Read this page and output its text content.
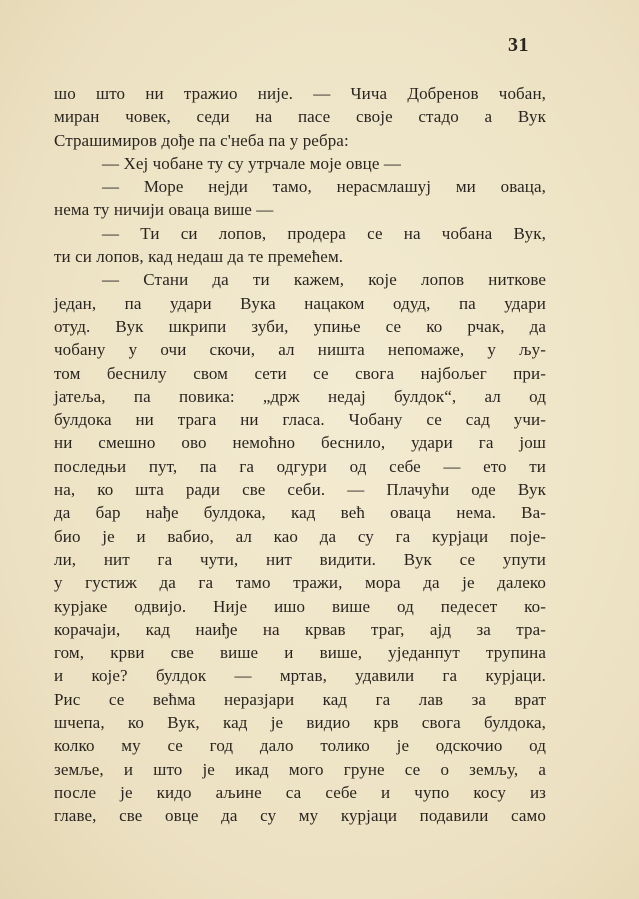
31
шо што ни тражио није. — Чича Добренов чобан,
миран човек, седи на пасе своје стадо а Вук
Страшимиров дође па с'неба па у ребра:
— Хеј чобане ту су утрчале моје овце —
— Море нејди тамо, нерасмлашуј ми оваца,
нема ту ничији оваца више —
— Ти си лопов, продера се на чобана Вук,
ти си лопов, кад недаш да те премећем.
— Стани да ти кажем, које лопов ниткове
један, па удари Вука нацаком одуд, па удари
отуд. Вук шкрипи зуби, упиње се ко рчак, да
чобану у очи скочи, ал ништа непомаже, у љу-
том беснилу свом сети се свога најбољег при-
јатеља, па повика: „држ недај булдок“, ал од
булдока ни трага ни гласа. Чобану се сад учи-
ни смешно ово немоћно беснило, удари га још
последњи пут, па га одгури од себе — ето ти
на, ко шта ради све себи. — Плачући оде Вук
да бар нађе булдока, кад већ оваца нема. Ва-
био је и вабио, ал као да су га курјаци поје-
ли, нит га чути, нит видити. Вук се упути
у густиж да га тамо тражи, мора да је далеко
курјаке одвијо. Није ишо више од педесет ко-
корачаји, кад наиђе на крвав траг, ајд за тра-
гом, крви све више и више, уједанпут трупина
и које? булдок — мртав, удавили га курјаци.
Рис се већма неразјари кад га лав за врат
шчепа, ко Вук, кад је видио крв свога булдока,
колко му се год дало толико је одскочио од
земље, и што је икад мого груне се о земљу, а
после је кидо аљине са себе и чупо косу из
главе, све овце да су му курјаци подавили само
